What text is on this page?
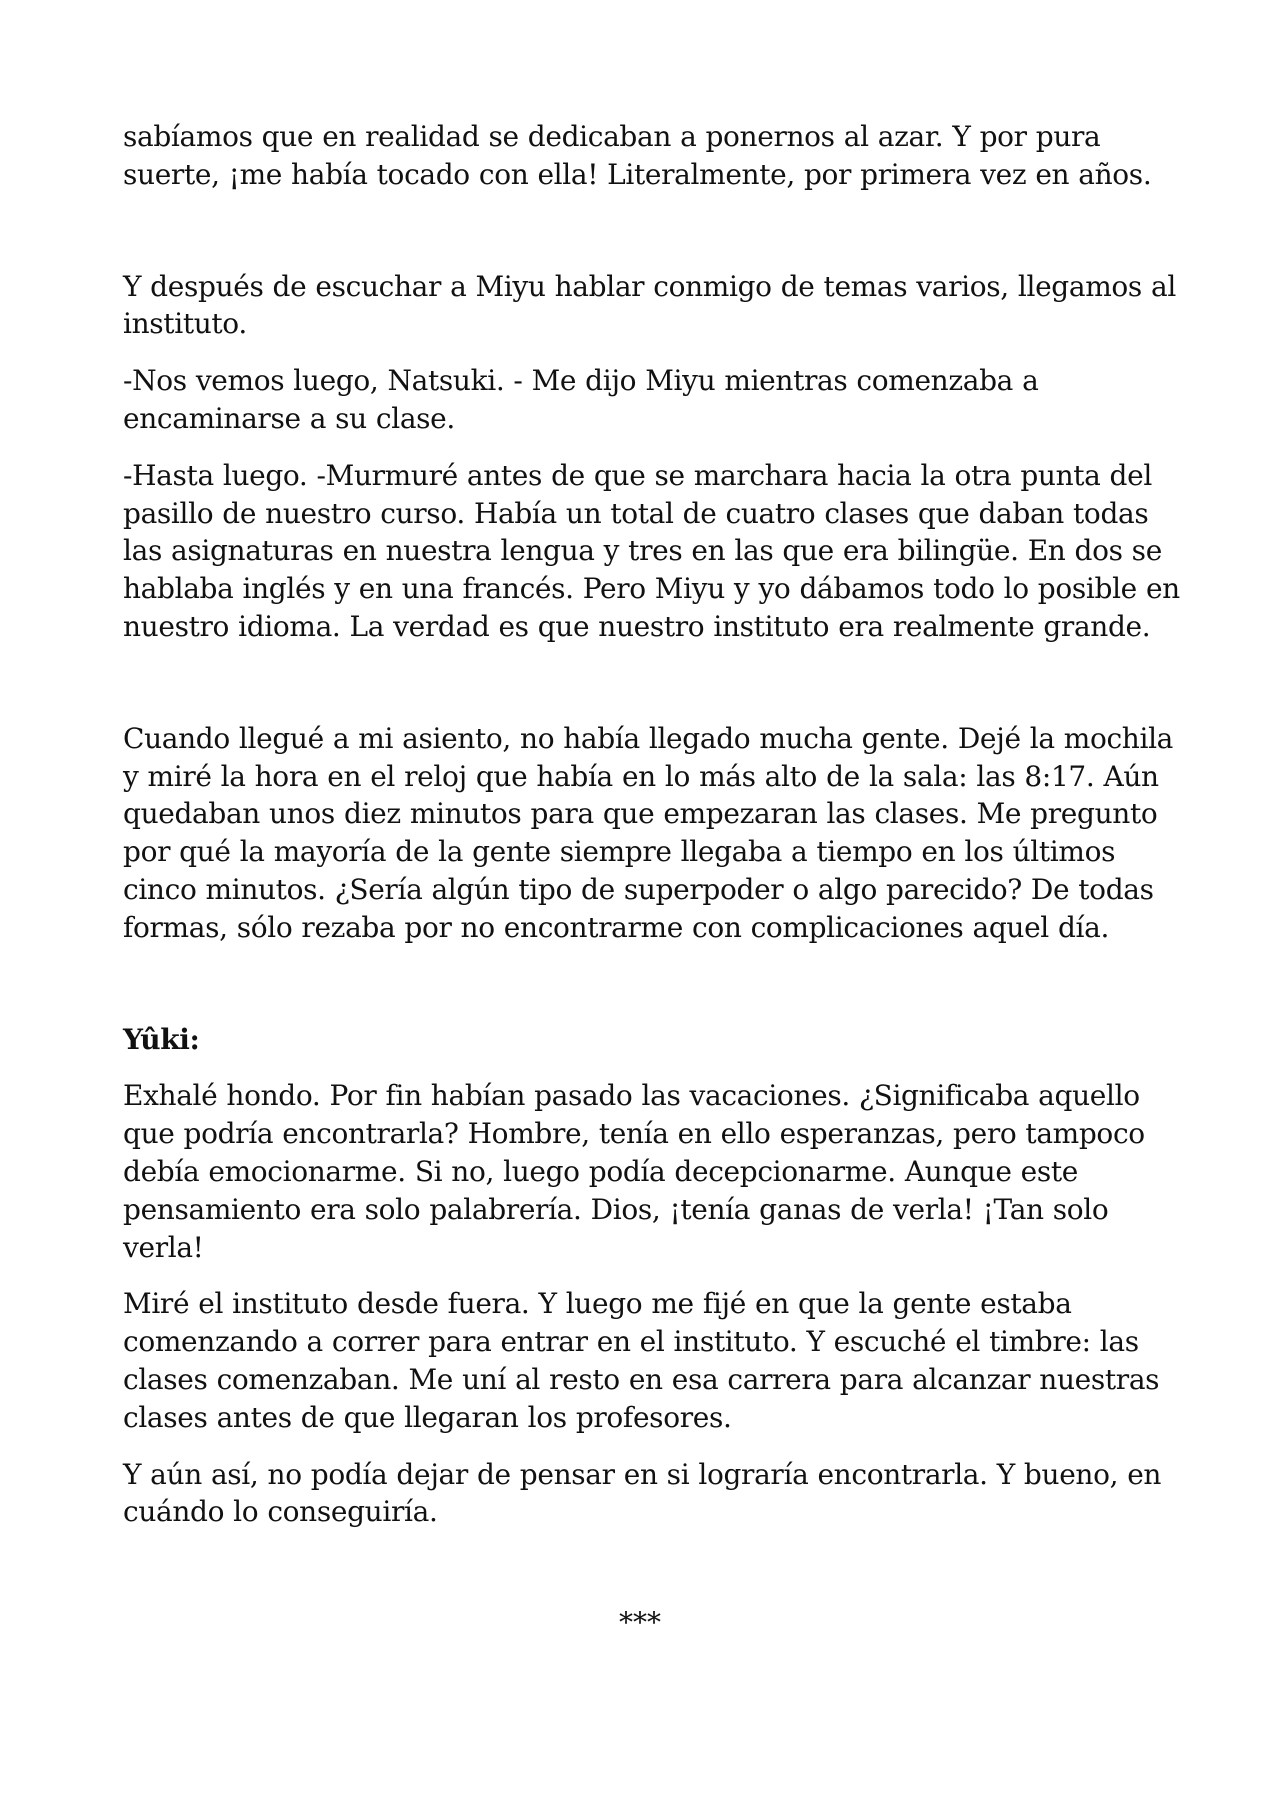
sabíamos que en realidad se dedicaban a ponernos al azar. Y por pura suerte, ¡me había tocado con ella! Literalmente, por primera vez en años.

Y después de escuchar a Miyu hablar conmigo de temas varios, llegamos al instituto.

-Nos vemos luego, Natsuki. - Me dijo Miyu mientras comenzaba a encaminarse a su clase.

-Hasta luego. -Murmuré antes de que se marchara hacia la otra punta del pasillo de nuestro curso. Había un total de cuatro clases que daban todas las asignaturas en nuestra lengua y tres en las que era bilingüe. En dos se hablaba inglés y en una francés. Pero Miyu y yo dábamos todo lo posible en nuestro idioma. La verdad es que nuestro instituto era realmente grande.

Cuando llegué a mi asiento, no había llegado mucha gente. Dejé la mochila y miré la hora en el reloj que había en lo más alto de la sala: las 8:17. Aún quedaban unos diez minutos para que empezaran las clases. Me pregunto por qué la mayoría de la gente siempre llegaba a tiempo en los últimos cinco minutos. ¿Sería algún tipo de superpoder o algo parecido? De todas formas, sólo rezaba por no encontrarme con complicaciones aquel día.

Yûki:

Exhalé hondo. Por fin habían pasado las vacaciones. ¿Significaba aquello que podría encontrarla? Hombre, tenía en ello esperanzas, pero tampoco debía emocionarme. Si no, luego podía decepcionarme. Aunque este pensamiento era solo palabrería. Dios, ¡tenía ganas de verla! ¡Tan solo verla!

Miré el instituto desde fuera. Y luego me fijé en que la gente estaba comenzando a correr para entrar en el instituto. Y escuché el timbre: las clases comenzaban. Me uní al resto en esa carrera para alcanzar nuestras clases antes de que llegaran los profesores.

Y aún así, no podía dejar de pensar en si lograría encontrarla. Y bueno, en cuándo lo conseguiría.

***
